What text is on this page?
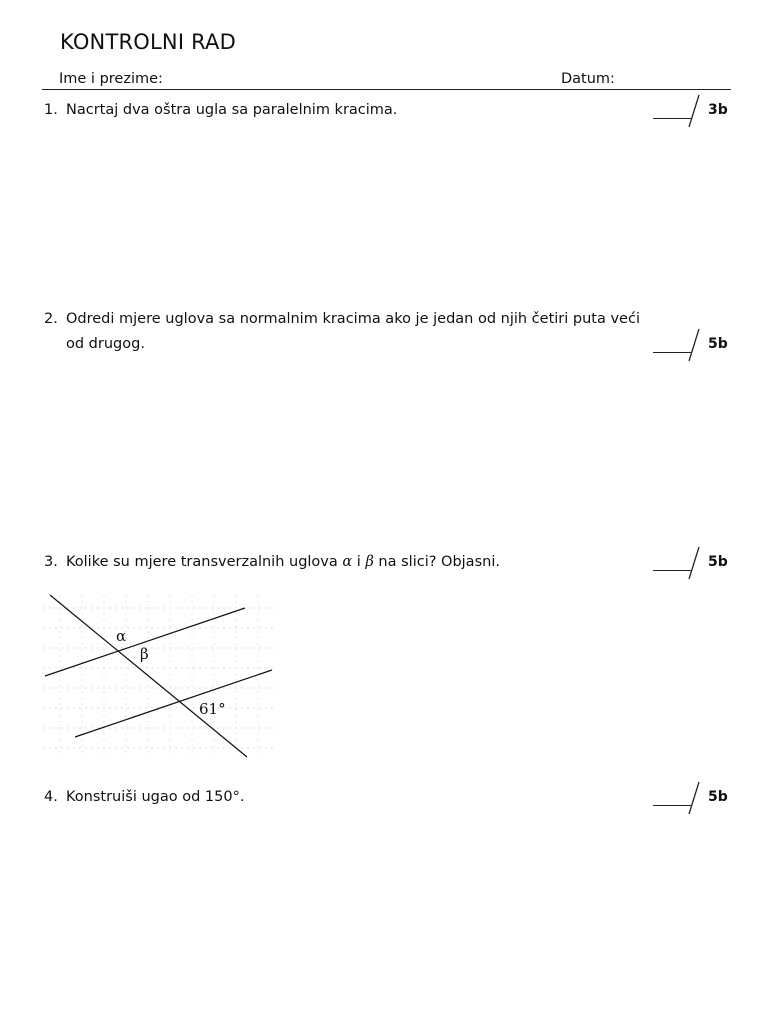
KONTROLNI RAD
Ime i prezime:	Datum:
1. Nacrtaj dva oštra ugla sa paralelnim kracima.	3b
2. Odredi mjere uglova sa normalnim kracima ako je jedan od njih četiri puta veći od drugog.	5b
3. Kolike su mjere transverzalnih uglova α i β na slici? Objasni.	5b
α
β
61°
4. Konstruiši ugao od 150°.	5b
